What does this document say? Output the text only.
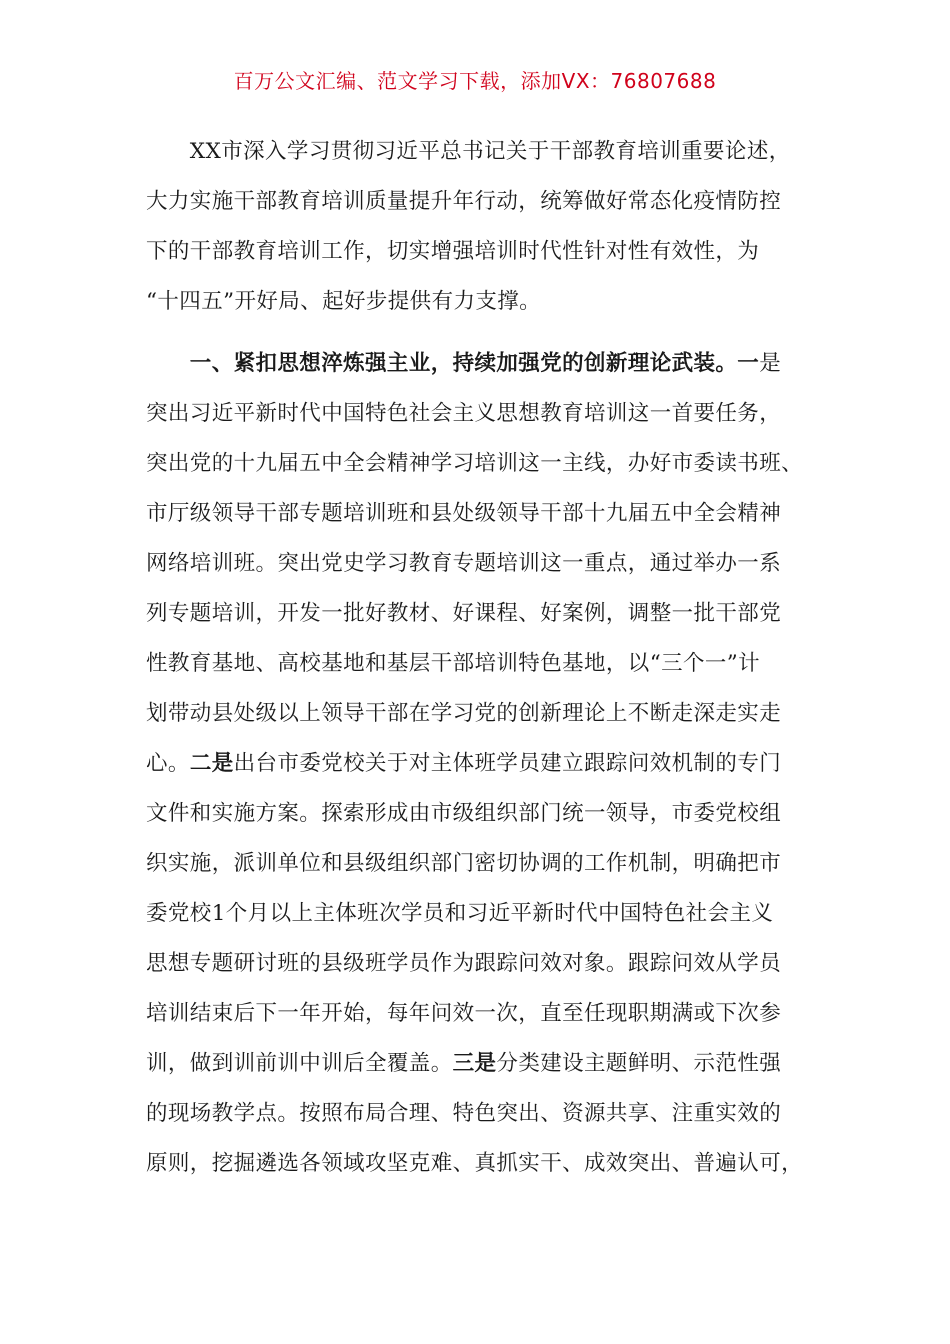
百万公文汇编、范文学习下载，添加VX：76807688
　　XX市深入学习贯彻习近平总书记关于干部教育培训重要论述，
大力实施干部教育培训质量提升年行动，统筹做好常态化疫情防控
下的干部教育培训工作，切实增强培训时代性针对性有效性，为
“十四五”开好局、起好步提供有力支撑。
　　一、紧扣思想淬炼强主业，持续加强党的创新理论武装。一是
突出习近平新时代中国特色社会主义思想教育培训这一首要任务，
突出党的十九届五中全会精神学习培训这一主线，办好市委读书班、
市厅级领导干部专题培训班和县处级领导干部十九届五中全会精神
网络培训班。突出党史学习教育专题培训这一重点，通过举办一系
列专题培训，开发一批好教材、好课程、好案例，调整一批干部党
性教育基地、高校基地和基层干部培训特色基地，以“三个一”计
划带动县处级以上领导干部在学习党的创新理论上不断走深走实走
心。二是出台市委党校关于对主体班学员建立跟踪问效机制的专门
文件和实施方案。探索形成由市级组织部门统一领导，市委党校组
织实施，派训单位和县级组织部门密切协调的工作机制，明确把市
委党校1个月以上主体班次学员和习近平新时代中国特色社会主义
思想专题研讨班的县级班学员作为跟踪问效对象。跟踪问效从学员
培训结束后下一年开始，每年问效一次，直至任现职期满或下次参
训，做到训前训中训后全覆盖。三是分类建设主题鲜明、示范性强
的现场教学点。按照布局合理、特色突出、资源共享、注重实效的
原则，挖掘遴选各领域攻坚克难、真抓实干、成效突出、普遍认可，
